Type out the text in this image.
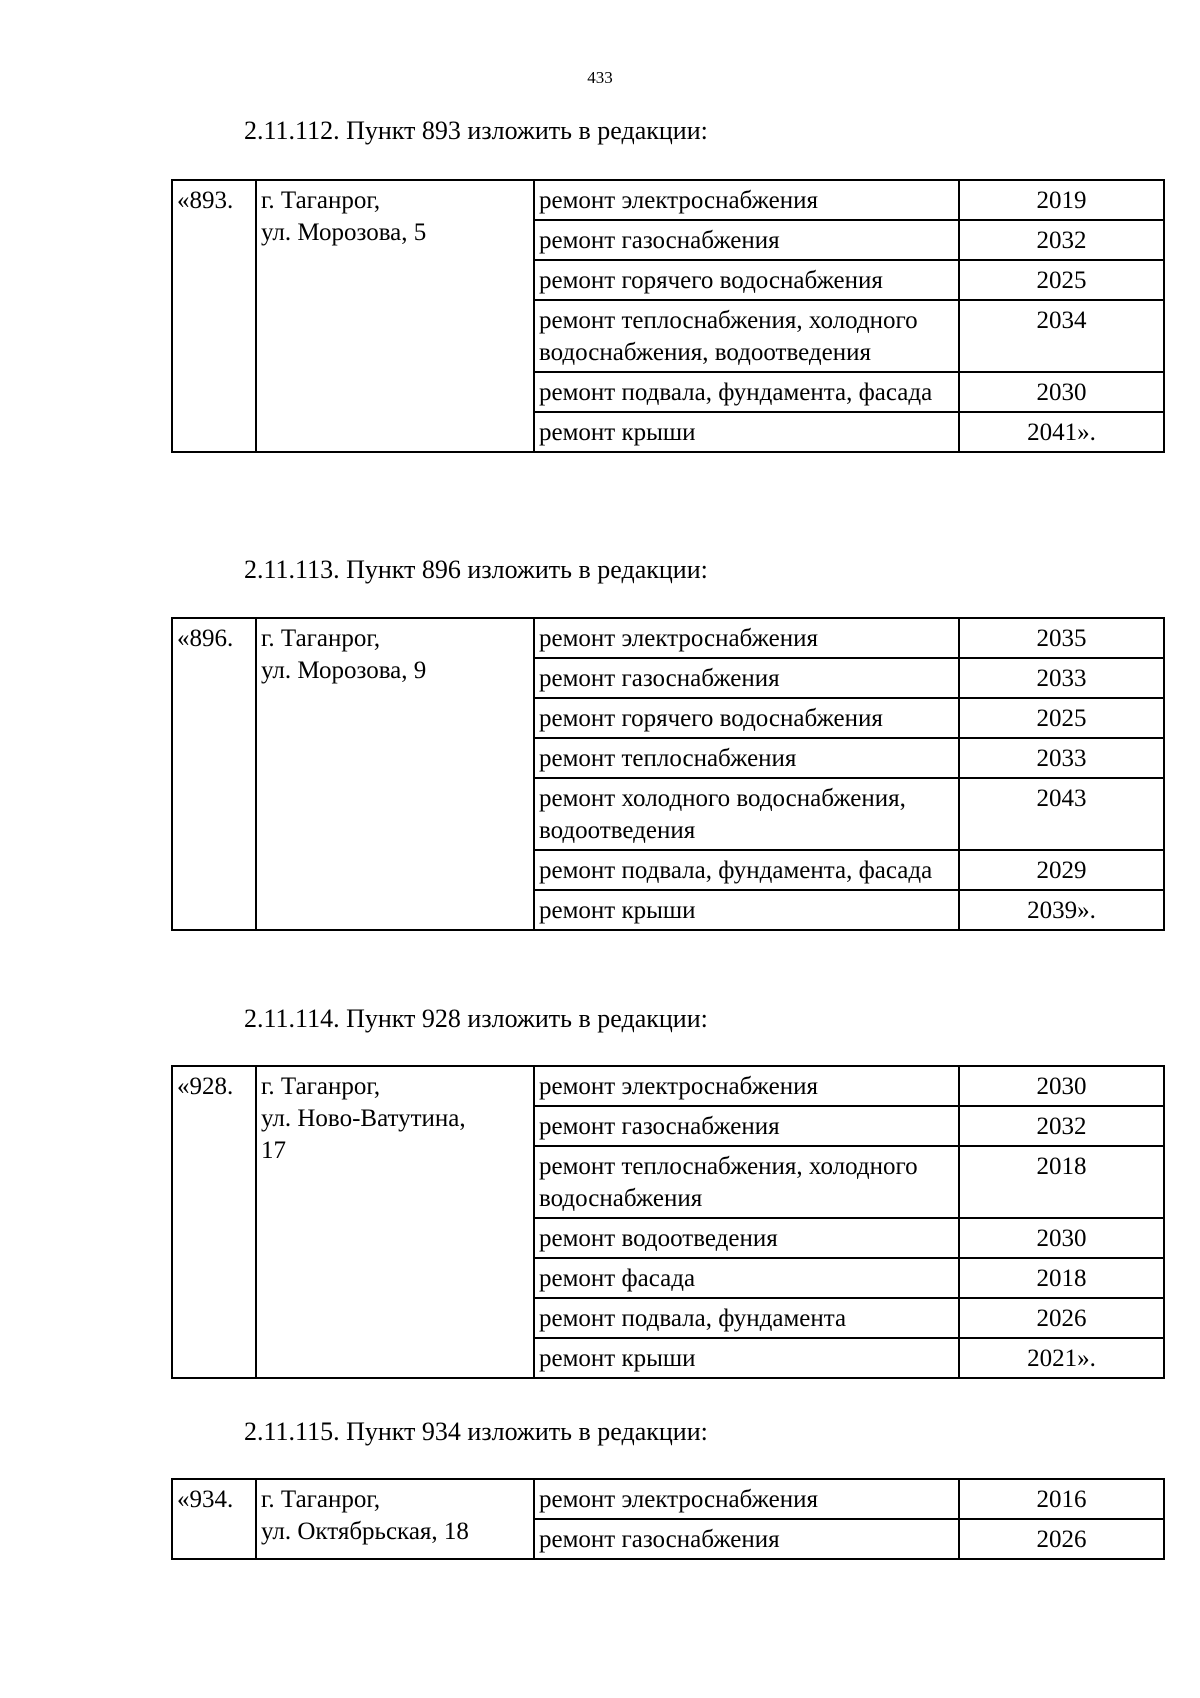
433
2.11.112. Пункт 893 изложить в редакции:
«893.	г. Таганрог,
ул. Морозова, 5	ремонт электроснабжения	2019
		ремонт газоснабжения	2032
		ремонт горячего водоснабжения	2025
		ремонт теплоснабжения, холодного водоснабжения, водоотведения	2034
		ремонт подвала, фундамента, фасада	2030
		ремонт крыши	2041».
2.11.113. Пункт 896 изложить в редакции:
«896.	г. Таганрог,
ул. Морозова, 9	ремонт электроснабжения	2035
		ремонт газоснабжения	2033
		ремонт горячего водоснабжения	2025
		ремонт теплоснабжения	2033
		ремонт холодного водоснабжения, водоотведения	2043
		ремонт подвала, фундамента, фасада	2029
		ремонт крыши	2039».
2.11.114. Пункт 928 изложить в редакции:
«928.	г. Таганрог,
ул. Ново-Ватутина,
17	ремонт электроснабжения	2030
		ремонт газоснабжения	2032
		ремонт теплоснабжения, холодного водоснабжения	2018
		ремонт водоотведения	2030
		ремонт фасада	2018
		ремонт подвала, фундамента	2026
		ремонт крыши	2021».
2.11.115. Пункт 934 изложить в редакции:
«934.	г. Таганрог,
ул. Октябрьская, 18	ремонт электроснабжения	2016
		ремонт газоснабжения	2026
